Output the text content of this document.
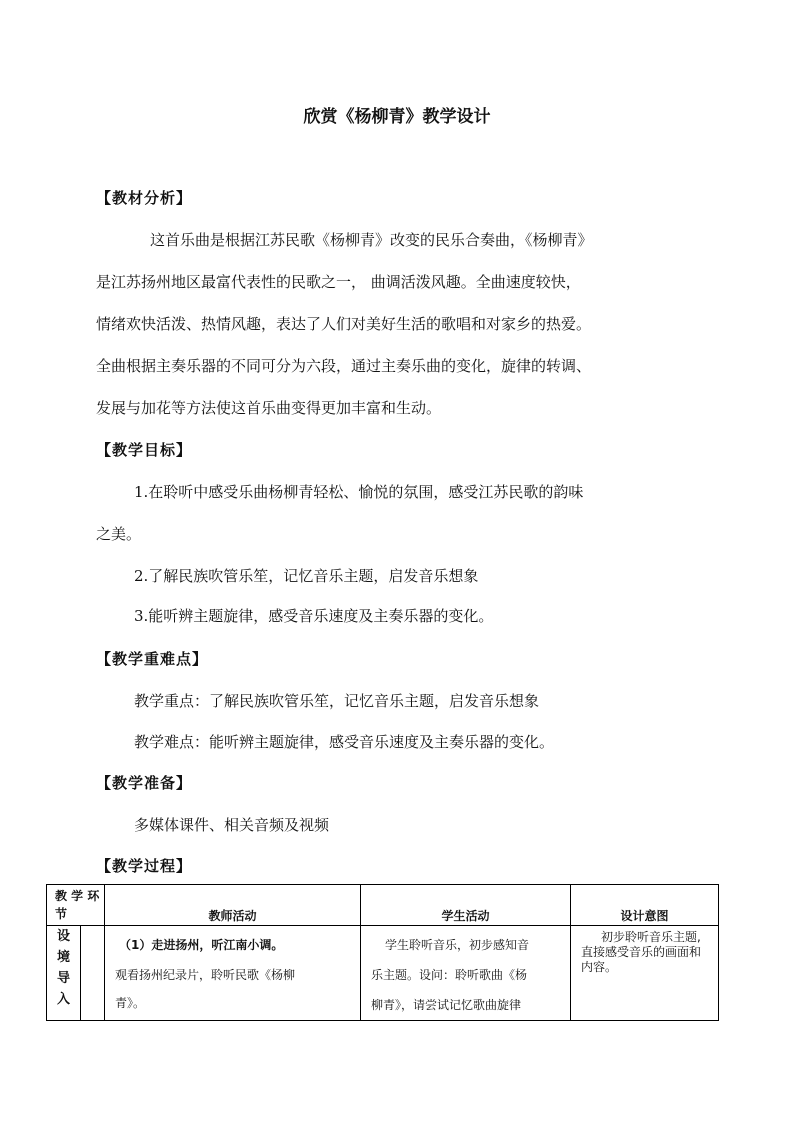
欣赏《杨柳青》教学设计
【教材分析】
这首乐曲是根据江苏民歌《杨柳青》改变的民乐合奏曲，《杨柳青》
是江苏扬州地区最富代表性的民歌之一， 曲调活泼风趣。全曲速度较快，
情绪欢快活泼、热情风趣，表达了人们对美好生活的歌唱和对家乡的热爱。
全曲根据主奏乐器的不同可分为六段，通过主奏乐曲的变化，旋律的转调、
发展与加花等方法使这首乐曲变得更加丰富和生动。
【教学目标】
1.在聆听中感受乐曲杨柳青轻松、愉悦的氛围，感受江苏民歌的韵味
之美。
2.了解民族吹管乐笙，记忆音乐主题，启发音乐想象
3.能听辨主题旋律，感受音乐速度及主奏乐器的变化。
【教学重难点】
教学重点：了解民族吹管乐笙，记忆音乐主题，启发音乐想象
教学难点：能听辨主题旋律，感受音乐速度及主奏乐器的变化。
【教学准备】
多媒体课件、相关音频及视频
【教学过程】
教 学 环 节		教师活动	学生活动	设计意图

设境导入		（1）走进扬州，听江南小调。
观看扬州纪录片，聆听民歌《杨柳
青》。	学生聆听音乐，初步感知音
乐主题。设问：聆听歌曲《杨
柳青》，请尝试记忆歌曲旋律	初步聆听音乐主题,直接感受音乐的画面和内容。
